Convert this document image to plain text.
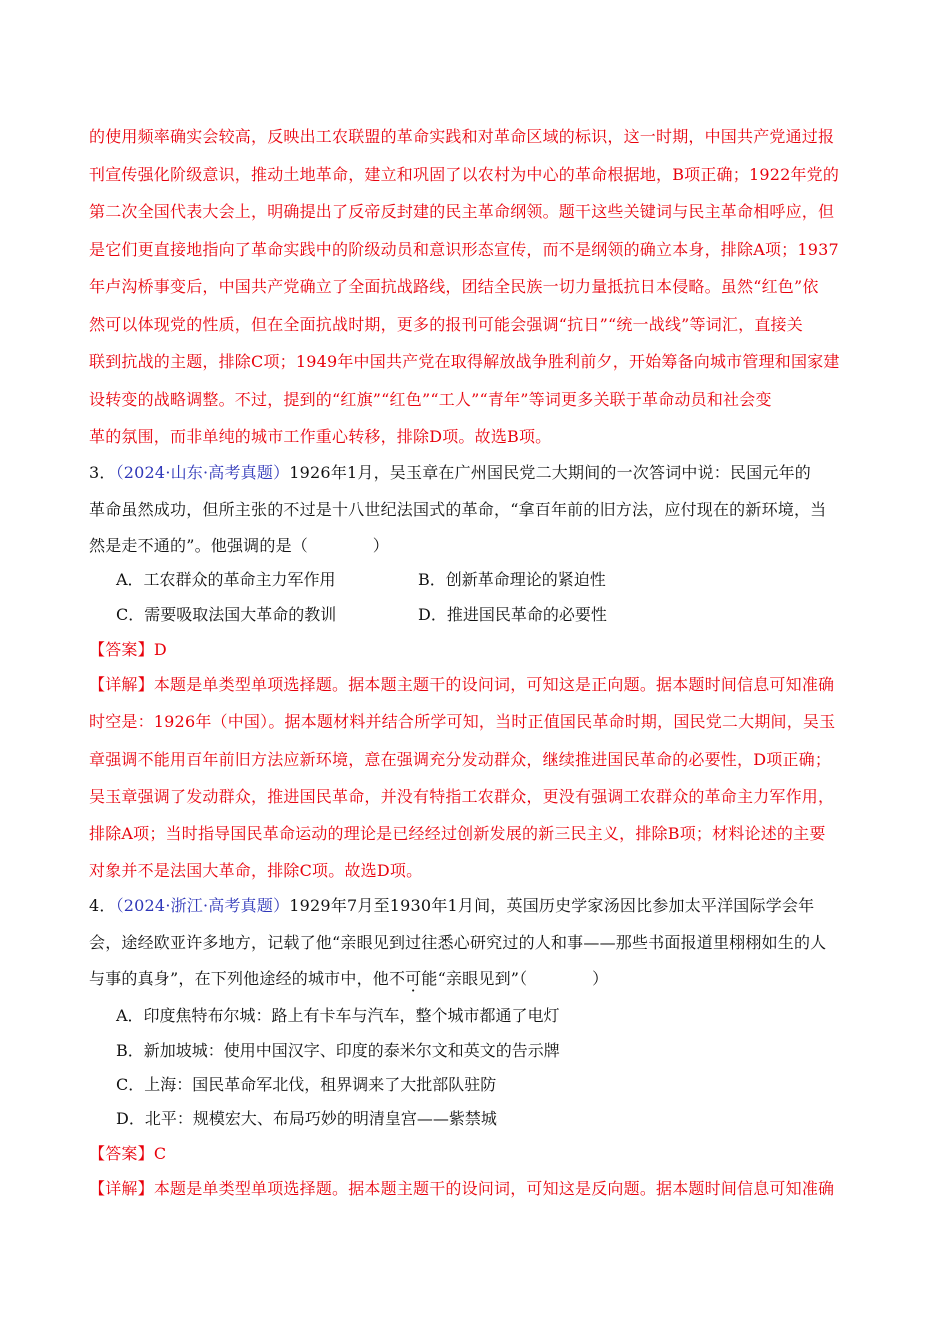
的使用频率确实会较高，反映出工农联盟的革命实践和对革命区域的标识，这一时期，中国共产党通过报
刊宣传强化阶级意识，推动土地革命，建立和巩固了以农村为中心的革命根据地，B项正确；1922年党的
第二次全国代表大会上，明确提出了反帝反封建的民主革命纲领。题干这些关键词与民主革命相呼应，但
是它们更直接地指向了革命实践中的阶级动员和意识形态宣传，而不是纲领的确立本身，排除A项；1937
年卢沟桥事变后，中国共产党确立了全面抗战路线，团结全民族一切力量抵抗日本侵略。虽然“红色”依
然可以体现党的性质，但在全面抗战时期，更多的报刊可能会强调“抗日”“统一战线”等词汇，直接关
联到抗战的主题，排除C项；1949年中国共产党在取得解放战争胜利前夕，开始筹备向城市管理和国家建
设转变的战略调整。不过，提到的“红旗”“红色”“工人”“青年”等词更多关联于革命动员和社会变
革的氛围，而非单纯的城市工作重心转移，排除D项。故选B项。
3．（2024·山东·高考真题）1926年1月，吴玉章在广州国民党二大期间的一次答词中说：民国元年的
革命虽然成功，但所主张的不过是十八世纪法国式的革命，“拿百年前的旧方法，应付现在的新环境，当
然是走不通的”。他强调的是（　　　　）
A．工农群众的革命主力军作用	B．创新革命理论的紧迫性
C．需要吸取法国大革命的教训	D．推进国民革命的必要性
【答案】D
【详解】本题是单类型单项选择题。据本题主题干的设问词，可知这是正向题。据本题时间信息可知准确
时空是：1926年（中国）。据本题材料并结合所学可知，当时正值国民革命时期，国民党二大期间，吴玉
章强调不能用百年前旧方法应新环境，意在强调充分发动群众，继续推进国民革命的必要性，D项正确；
吴玉章强调了发动群众，推进国民革命，并没有特指工农群众，更没有强调工农群众的革命主力军作用，
排除A项；当时指导国民革命运动的理论是已经经过创新发展的新三民主义，排除B项；材料论述的主要
对象并不是法国大革命，排除C项。故选D项。
4．（2024·浙江·高考真题）1929年7月至1930年1月间，英国历史学家汤因比参加太平洋国际学会年
会，途经欧亚许多地方，记载了他“亲眼见到过往悉心研究过的人和事——那些书面报道里栩栩如生的人
与事的真身”，在下列他途经的城市中，他不可能“亲眼见到”（　　　　）
A．印度焦特布尔城：路上有卡车与汽车，整个城市都通了电灯
B．新加坡城：使用中国汉字、印度的泰米尔文和英文的告示牌
C．上海：国民革命军北伐，租界调来了大批部队驻防
D．北平：规模宏大、布局巧妙的明清皇宫——紫禁城
【答案】C
【详解】本题是单类型单项选择题。据本题主题干的设问词，可知这是反向题。据本题时间信息可知准确
